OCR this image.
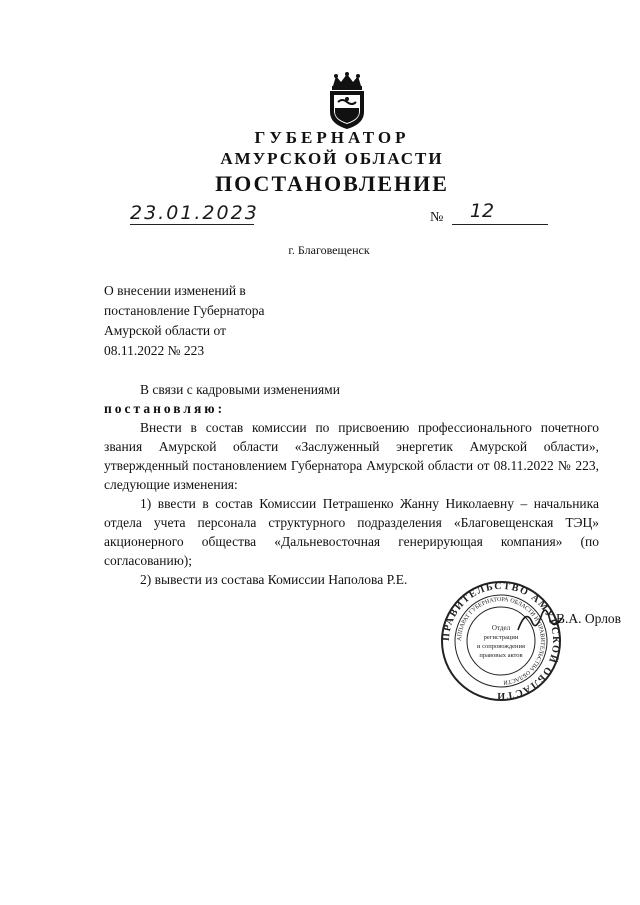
ГУБЕРНАТОР
АМУРСКОЙ ОБЛАСТИ
ПОСТАНОВЛЕНИЕ
23.01.2023	№	12
г. Благовещенск
О внесении изменений в
постановление Губернатора
Амурской области от
08.11.2022 № 223

В связи с кадровыми изменениями

постановляю:

Внести в состав комиссии по присвоению профессионального почетного звания Амурской области «Заслуженный энергетик Амурской области», утвержденный постановлением Губернатора Амурской области от 08.11.2022 № 223, следующие изменения:

1) ввести в состав Комиссии Петрашенко Жанну Николаевну – начальника отдела учета персонала структурного подразделения «Благовещенская ТЭЦ» акционерного общества «Дальневосточная генерирующая компания» (по согласованию);

2) вывести из состава Комиссии Наполова Р.Е.

ПРАВИТЕЛЬСТВО АМУРСКОЙ ОБЛАСТИ
АППАРАТ ГУБЕРНАТОРА ОБЛАСТИ И ПРАВИТЕЛЬСТВА ОБЛАСТИ
Отдел
регистрации
и сопровождения
правовых актов
В.А. Орлов
